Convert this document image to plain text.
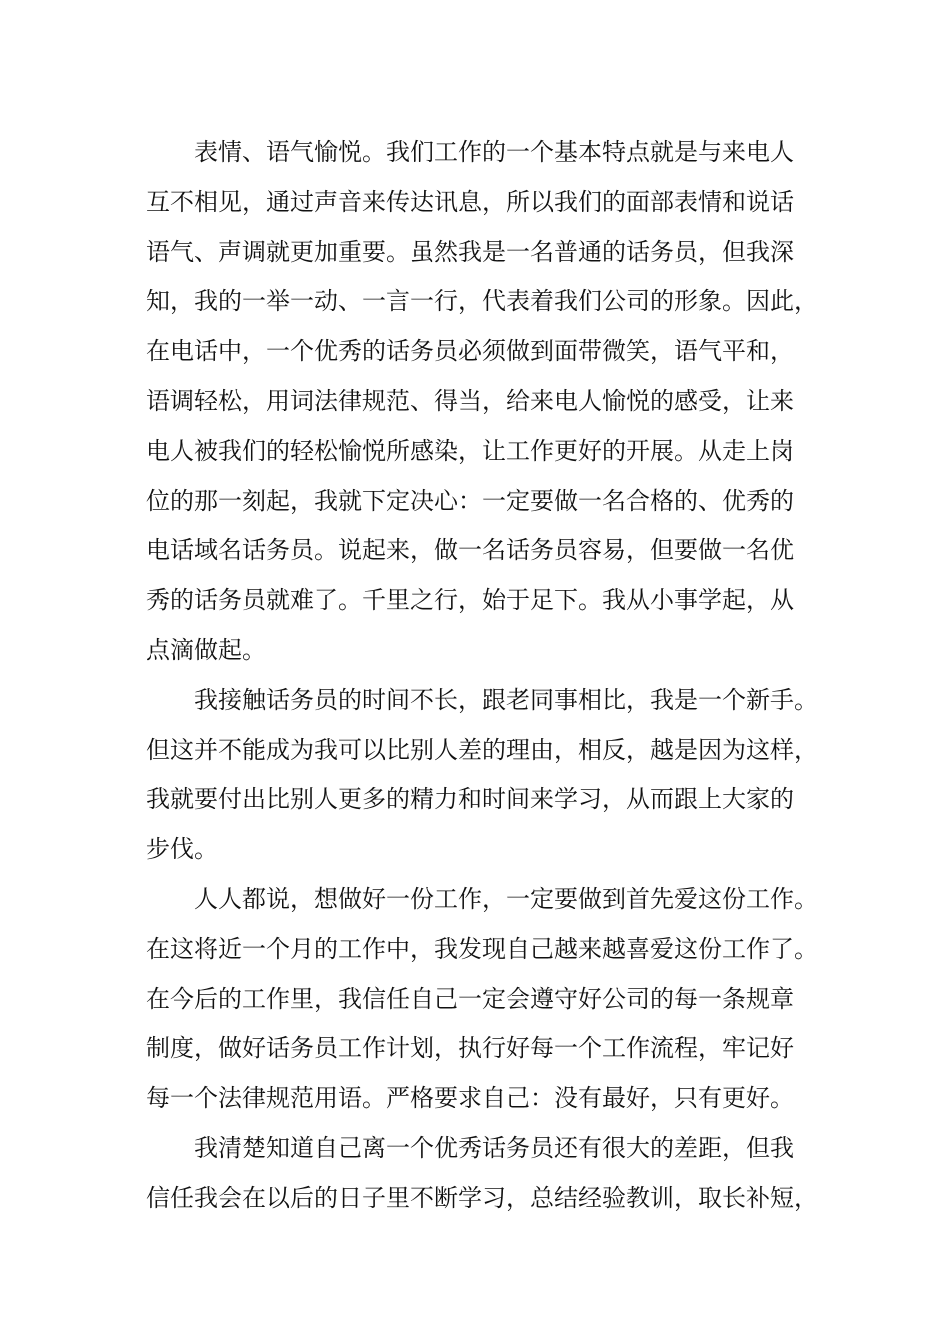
表情、语气愉悦。我们工作的一个基本特点就是与来电人
互不相见，通过声音来传达讯息，所以我们的面部表情和说话
语气、声调就更加重要。虽然我是一名普通的话务员，但我深
知，我的一举一动、一言一行，代表着我们公司的形象。因此，
在电话中，一个优秀的话务员必须做到面带微笑，语气平和，
语调轻松，用词法律规范、得当，给来电人愉悦的感受，让来
电人被我们的轻松愉悦所感染，让工作更好的开展。从走上岗
位的那一刻起，我就下定决心：一定要做一名合格的、优秀的
电话域名话务员。说起来，做一名话务员容易，但要做一名优
秀的话务员就难了。千里之行，始于足下。我从小事学起，从
点滴做起。
我接触话务员的时间不长，跟老同事相比，我是一个新手。
但这并不能成为我可以比别人差的理由，相反，越是因为这样，
我就要付出比别人更多的精力和时间来学习，从而跟上大家的
步伐。
人人都说，想做好一份工作，一定要做到首先爱这份工作。
在这将近一个月的工作中，我发现自己越来越喜爱这份工作了。
在今后的工作里，我信任自己一定会遵守好公司的每一条规章
制度，做好话务员工作计划，执行好每一个工作流程，牢记好
每一个法律规范用语。严格要求自己：没有最好，只有更好。
我清楚知道自己离一个优秀话务员还有很大的差距，但我
信任我会在以后的日子里不断学习，总结经验教训，取长补短，
